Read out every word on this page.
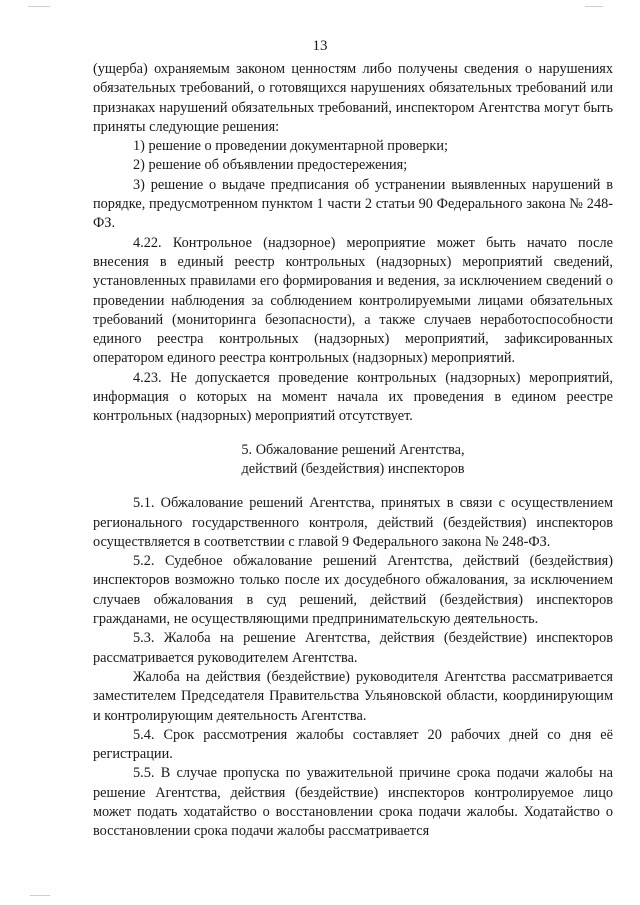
13

(ущерба) охраняемым законом ценностям либо получены сведения о нарушениях обязательных требований, о готовящихся нарушениях обязательных требований или признаках нарушений обязательных требований, инспектором Агентства могут быть приняты следующие решения:

1) решение о проведении документарной проверки;

2) решение об объявлении предостережения;

3) решение о выдаче предписания об устранении выявленных нарушений в порядке, предусмотренном пунктом 1 части 2 статьи 90 Федерального закона № 248-ФЗ.

4.22. Контрольное (надзорное) мероприятие может быть начато после внесения в единый реестр контрольных (надзорных) мероприятий сведений, установленных правилами его формирования и ведения, за исключением сведений о проведении наблюдения за соблюдением контролируемыми лицами обязательных требований (мониторинга безопасности), а также случаев неработоспособности единого реестра контрольных (надзорных) мероприятий, зафиксированных оператором единого реестра контрольных (надзорных) мероприятий.

4.23. Не допускается проведение контрольных (надзорных) мероприятий, информация о которых на момент начала их проведения в едином реестре контрольных (надзорных) мероприятий отсутствует.

5. Обжалование решений Агентства,
действий (бездействия) инспекторов

5.1. Обжалование решений Агентства, принятых в связи с осуществлением регионального государственного контроля, действий (бездействия) инспекторов осуществляется в соответствии с главой 9 Федерального закона № 248-ФЗ.

5.2. Судебное обжалование решений Агентства, действий (бездействия) инспекторов возможно только после их досудебного обжалования, за исключением случаев обжалования в суд решений, действий (бездействия) инспекторов гражданами, не осуществляющими предпринимательскую деятельность.

5.3. Жалоба на решение Агентства, действия (бездействие) инспекторов рассматривается руководителем Агентства.

Жалоба на действия (бездействие) руководителя Агентства рассматривается заместителем Председателя Правительства Ульяновской области, координирующим и контролирующим деятельность Агентства.

5.4. Срок рассмотрения жалобы составляет 20 рабочих дней со дня её регистрации.

5.5. В случае пропуска по уважительной причине срока подачи жалобы на решение Агентства, действия (бездействие) инспекторов контролируемое лицо может подать ходатайство о восстановлении срока подачи жалобы. Ходатайство о восстановлении срока подачи жалобы рассматривается
